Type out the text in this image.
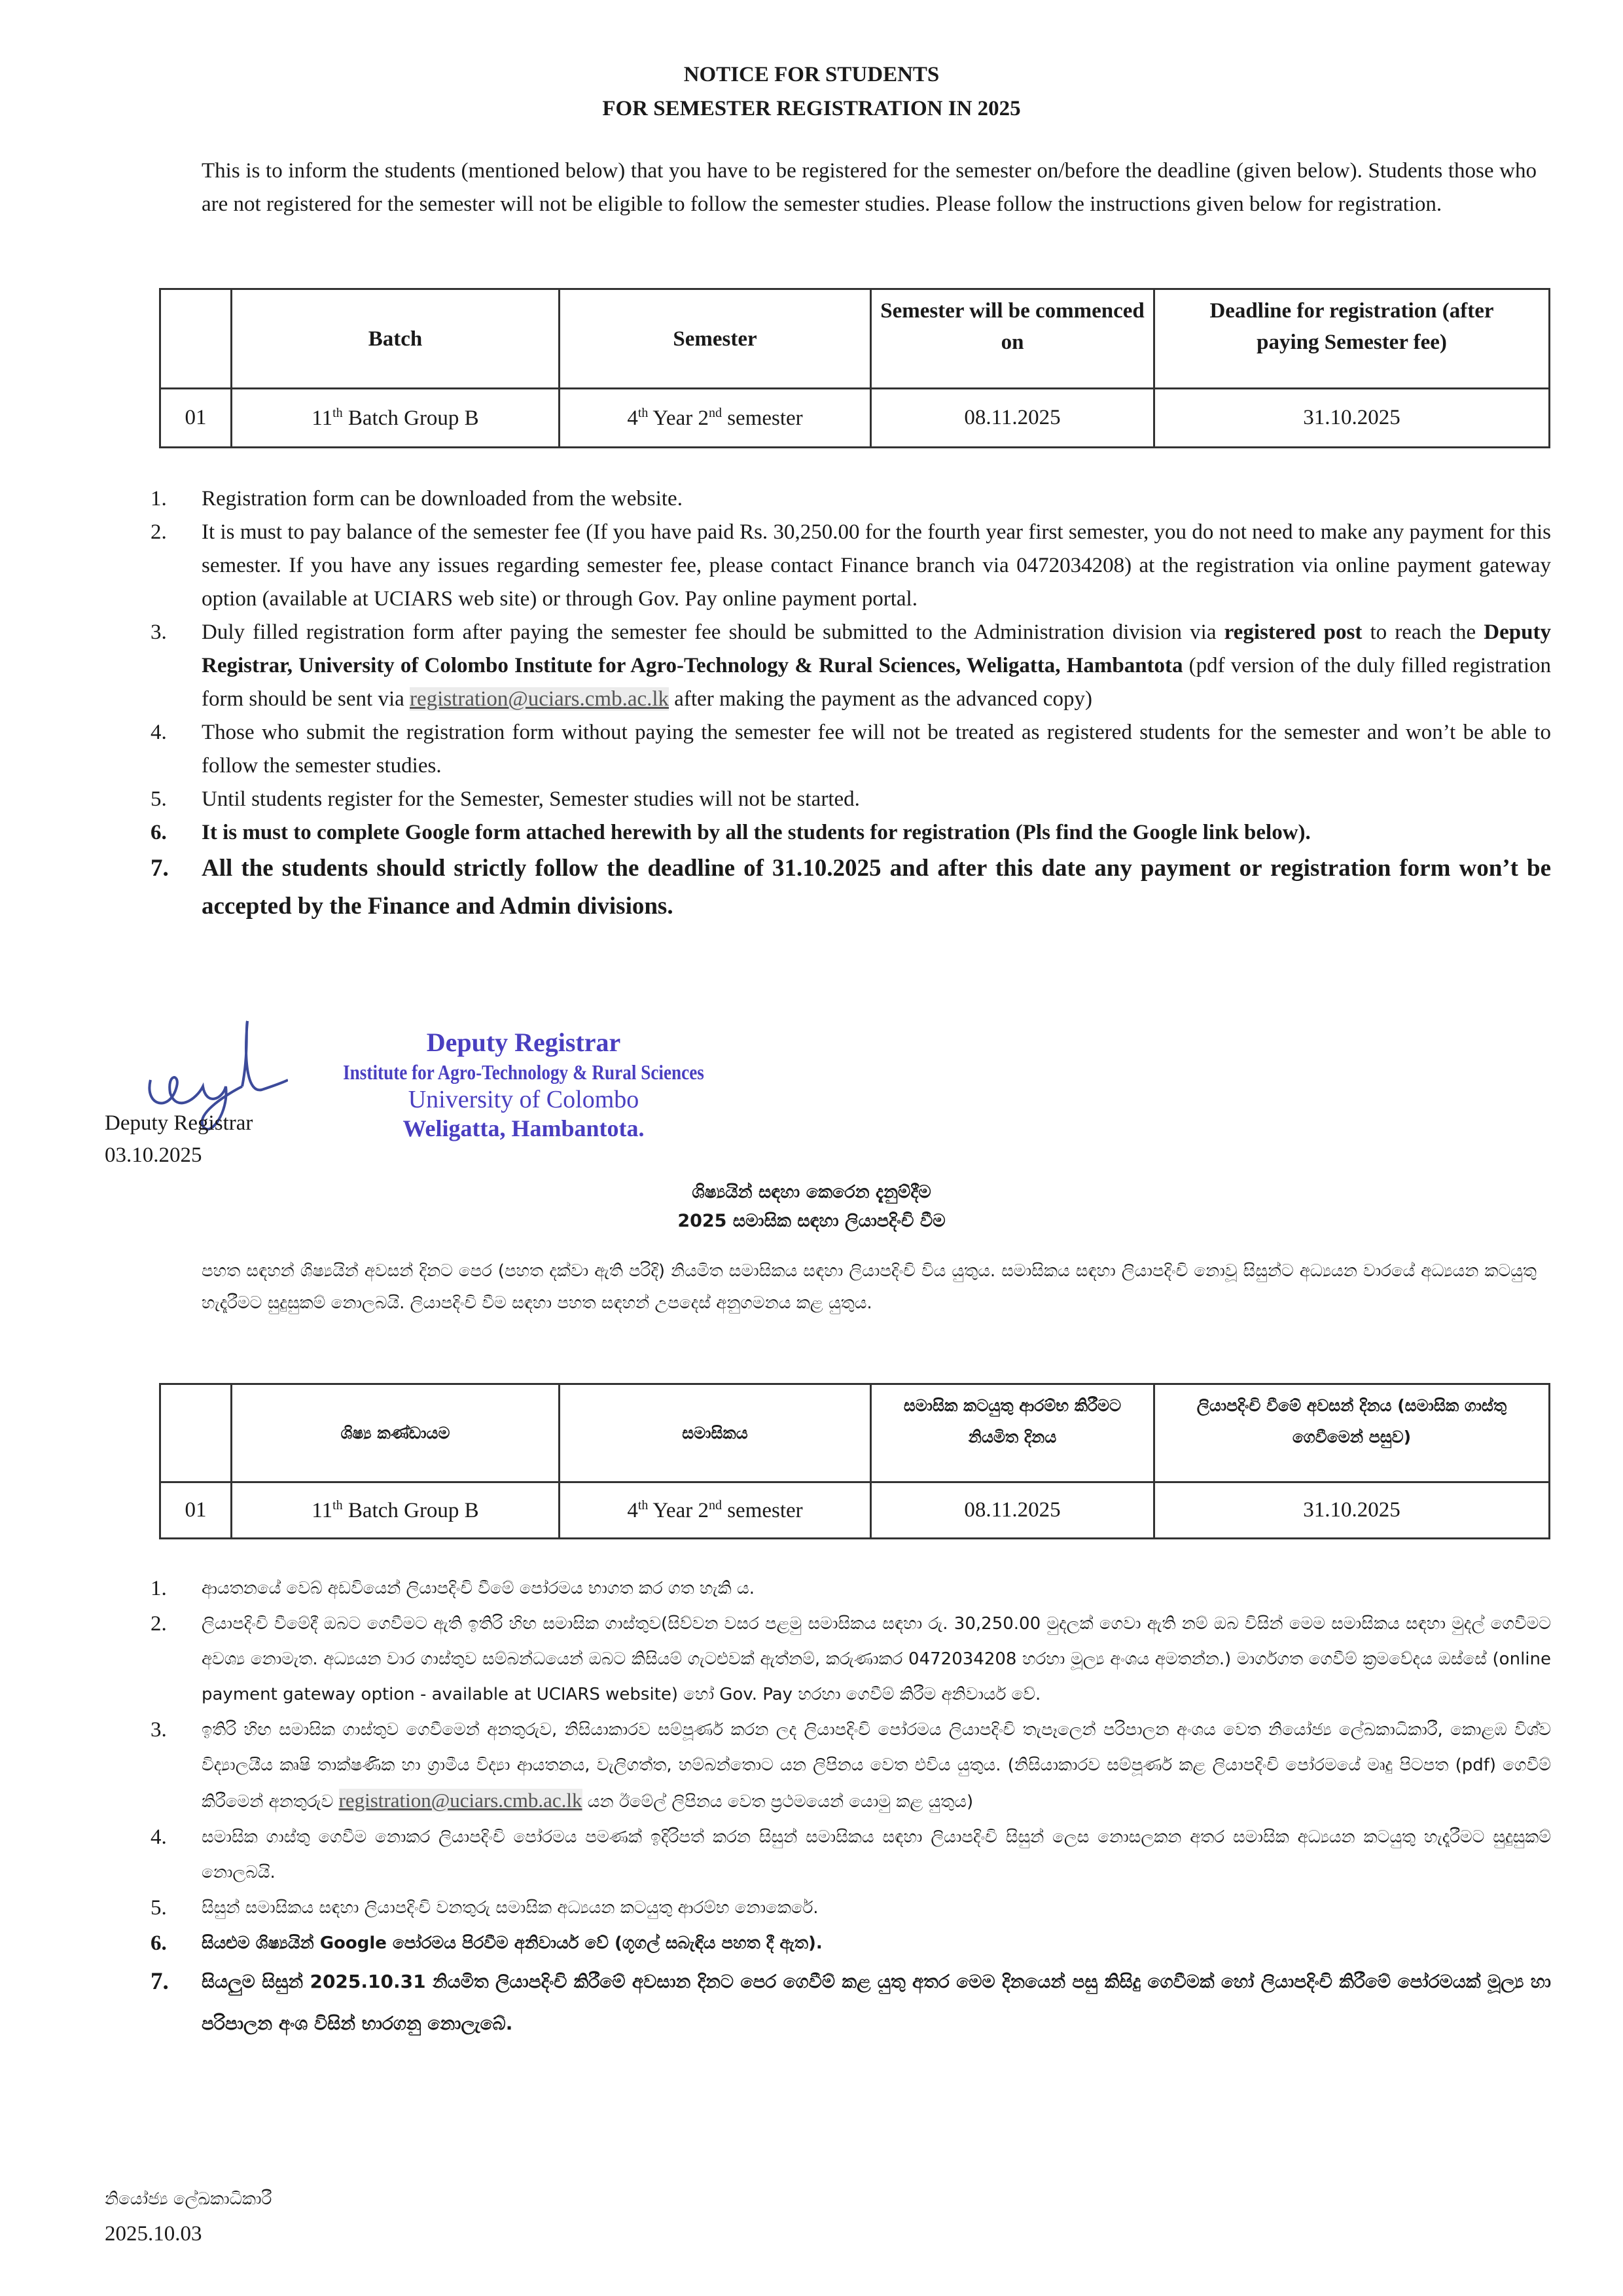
NOTICE FOR STUDENTS
FOR SEMESTER REGISTRATION IN 2025
This is to inform the students (mentioned below) that you have to be registered for the semester on/before the deadline (given below). Students those who are not registered for the semester will not be eligible to follow the semester studies. Please follow the instructions given below for registration.
	Batch	Semester	Semester will be commenced on	Deadline for registration (after paying Semester fee)
01	11th Batch Group B	4th Year 2nd semester	08.11.2025	31.10.2025
1.	Registration form can be downloaded from the website.
2.	It is must to pay balance of the semester fee (If you have paid Rs. 30,250.00 for the fourth year first semester, you do not need to make any payment for this semester. If you have any issues regarding semester fee, please contact Finance branch via 0472034208) at the registration via online payment gateway option (available at UCIARS web site) or through Gov. Pay online payment portal.
3.	Duly filled registration form after paying the semester fee should be submitted to the Administration division via registered post to reach the Deputy Registrar, University of Colombo Institute for Agro-Technology & Rural Sciences, Weligatta, Hambantota (pdf version of the duly filled registration form should be sent via registration@uciars.cmb.ac.lk after making the payment as the advanced copy)
4.	Those who submit the registration form without paying the semester fee will not be treated as registered students for the semester and won’t be able to follow the semester studies.
5.	Until students register for the Semester, Semester studies will not be started.
6.	It is must to complete Google form attached herewith by all the students for registration (Pls find the Google link below).
7.	All the students should strictly follow the deadline of 31.10.2025 and after this date any payment or registration form won’t be accepted by the Finance and Admin divisions.
Deputy Registrar
03.10.2025
Deputy Registrar
Institute for Agro-Technology & Rural Sciences
University of Colombo
Weligatta, Hambantota.
ශිෂ්‍යයින් සඳහා කෙරෙන දැනුම්දීම
2025 සමාසික සඳහා ලියාපදිංචි වීම
පහත සඳහන් ශිෂ්‍යයින් අවසන් දිනට පෙර (පහත දක්වා ඇති පරිදි) නියමිත සමාසිකය සඳහා ලියාපදිංචි විය යුතුය. සමාසිකය සඳහා ලියාපදිංචි නොවූ සිසුන්ට අධ්‍යයන වාරයේ අධ්‍යයන කටයුතු හැදෑරීමට සුදුසුකම් නොලබයි. ලියාපදිංචි වීම සඳහා පහත සඳහන් උපදෙස් අනුගමනය කළ යුතුය.
	ශිෂ්‍ය කණ්ඩායම	සමාසිකය	සමාසික කටයුතු ආරම්භ කිරීමට නියමිත දිනය	ලියාපදිංචි වීමේ අවසන් දිනය (සමාසික ගාස්තු ගෙවීමෙන් පසුව)
01	11th Batch Group B	4th Year 2nd semester	08.11.2025	31.10.2025
1.	ආයතනයේ වෙබ් අඩවියෙන් ලියාපදිංචි වීමේ පෝරමය භාගත කර ගත හැකි ය.
2.	ලියාපදිංචි වීමේදී ඔබට ගෙවීමට ඇති ඉතිරි හිඟ සමාසික ගාස්තුව(සිව්වන වසර පළමු සමාසිකය සඳහා රු. 30,250.00 මුදලක් ගෙවා ඇති නම් ඔබ විසින් මෙම සමාසිකය සඳහා මුදල් ගෙවීමට අවශ්‍ය නොමැත. අධ්‍යයන වාර ගාස්තුව සම්බන්ධයෙන් ඔබට කිසියම් ගැටළුවක් ඇත්නම්, කරුණාකර 0472034208 හරහා මූල්‍ය අංශය අමතන්න.) මාර්ගගත ගෙවීම් ක්‍රමවේදය ඔස්සේ (online payment gateway option - available at UCIARS website) හෝ Gov. Pay හරහා ගෙවීම් කිරීම අනිවාර්ය වේ.
3.	ඉතිරි හිඟ සමාසික ගාස්තුව ගෙවීමෙන් අනතුරුව, නිසියාකාරව සම්පූර්ණ කරන ලද ලියාපදිංචි පෝරමය ලියාපදිංචි තැපෑලෙන් පරිපාලන අංශය වෙත නියෝජ්‍ය ලේඛකාධිකාරී, කොළඹ විශ්ව විද්‍යාලයීය කෘෂි තාක්ෂණික හා ග්‍රාමීය විද්‍යා ආයතනය, වැලිගත්ත, හම්බන්තොට යන ලිපිනය වෙත එවිය යුතුය. (නිසියාකාරව සම්පූර්ණ කළ ලියාපදිංචි පෝරමයේ මෘදු පිටපත (pdf) ගෙවීම් කිරීමෙන් අනතුරුව registration@uciars.cmb.ac.lk යන ඊමේල් ලිපිනය වෙත ප්‍රථමයෙන් යොමු කළ යුතුය)
4.	සමාසික ගාස්තු ගෙවීම නොකර ලියාපදිංචි පෝරමය පමණක් ඉදිරිපත් කරන සිසුන් සමාසිකය සඳහා ලියාපදිංචි සිසුන් ලෙස නොසලකන අතර සමාසික අධ්‍යයන කටයුතු හැදෑරීමට සුදුසුකම් නොලබයි.
5.	සිසුන් සමාසිකය සඳහා ලියාපදිංචි වනතුරු සමාසික අධ්‍යයන කටයුතු ආරම්භ නොකෙරේ.
6.	සියළුම ශිෂ්‍යයින් Google පෝරමය පිරවීම අනිවාර්ය වේ (ගූගල් සබැඳිය පහත දී ඇත).
7.	සියලුම සිසුන් 2025.10.31 නියමිත ලියාපදිංචි කිරීමේ අවසාන දිනට පෙර ගෙවීම් කළ යුතු අතර මෙම දිනයෙන් පසු කිසිදු ගෙවීමක් හෝ ලියාපදිංචි කිරීමේ පෝරමයක් මූල්‍ය හා පරිපාලන අංශ විසින් භාරගනු නොලැබේ.
නියෝජ්‍ය ලේඛකාධිකාරී
2025.10.03
